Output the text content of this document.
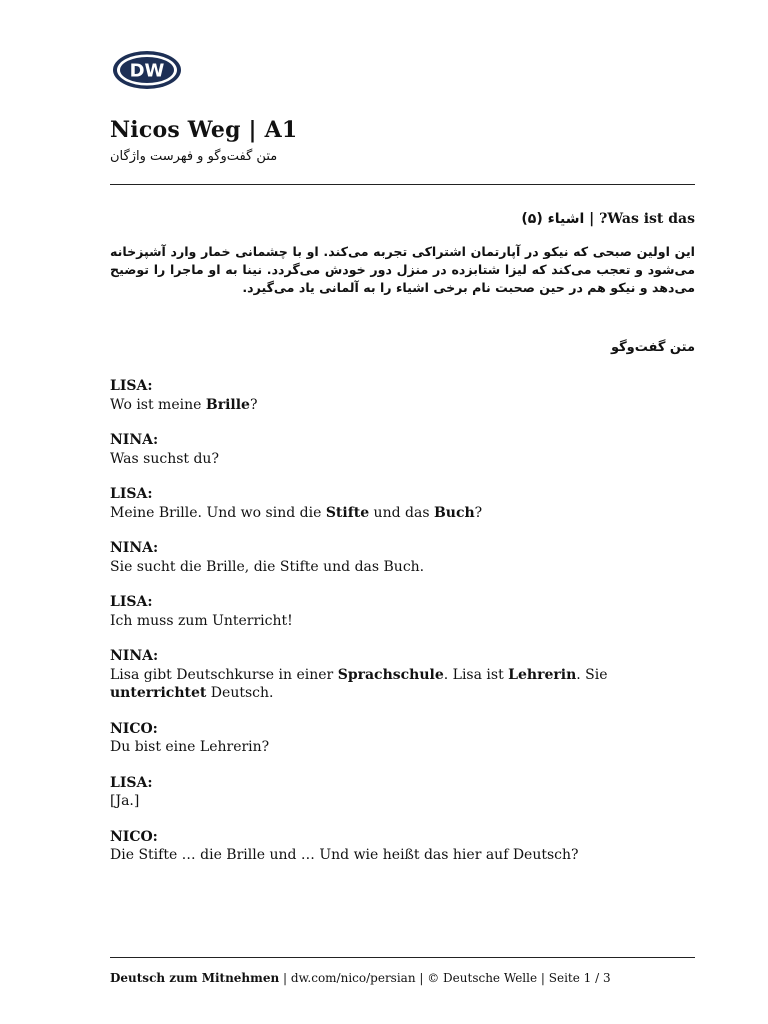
DW
Nicos Weg | A1
متن گفت‌وگو و فهرست واژگان
Was ist das? | اشیاء (۵)
این اولین صبحی که نیکو در آپارتمان اشتراکی تجربه می‌کند. او با چشمانی خمار وارد آشپزخانه می‌شود و تعجب می‌کند که لیزا شتابزده در منزل دور خودش می‌گردد. نینا به او ماجرا را توضیح می‌دهد و نیکو هم در حین صحبت نام برخی اشیاء را به آلمانی یاد می‌گیرد.
متن گفت‌وگو
LISA:
Wo ist meine Brille?
NINA:
Was suchst du?
LISA:
Meine Brille. Und wo sind die Stifte und das Buch?
NINA:
Sie sucht die Brille, die Stifte und das Buch.
LISA:
Ich muss zum Unterricht!
NINA:
Lisa gibt Deutschkurse in einer Sprachschule. Lisa ist Lehrerin. Sie unterrichtet Deutsch.
NICO:
Du bist eine Lehrerin?
LISA:
[Ja.]
NICO:
Die Stifte … die Brille und … Und wie heißt das hier auf Deutsch?
Deutsch zum Mitnehmen | dw.com/nico/persian | © Deutsche Welle | Seite 1 / 3
